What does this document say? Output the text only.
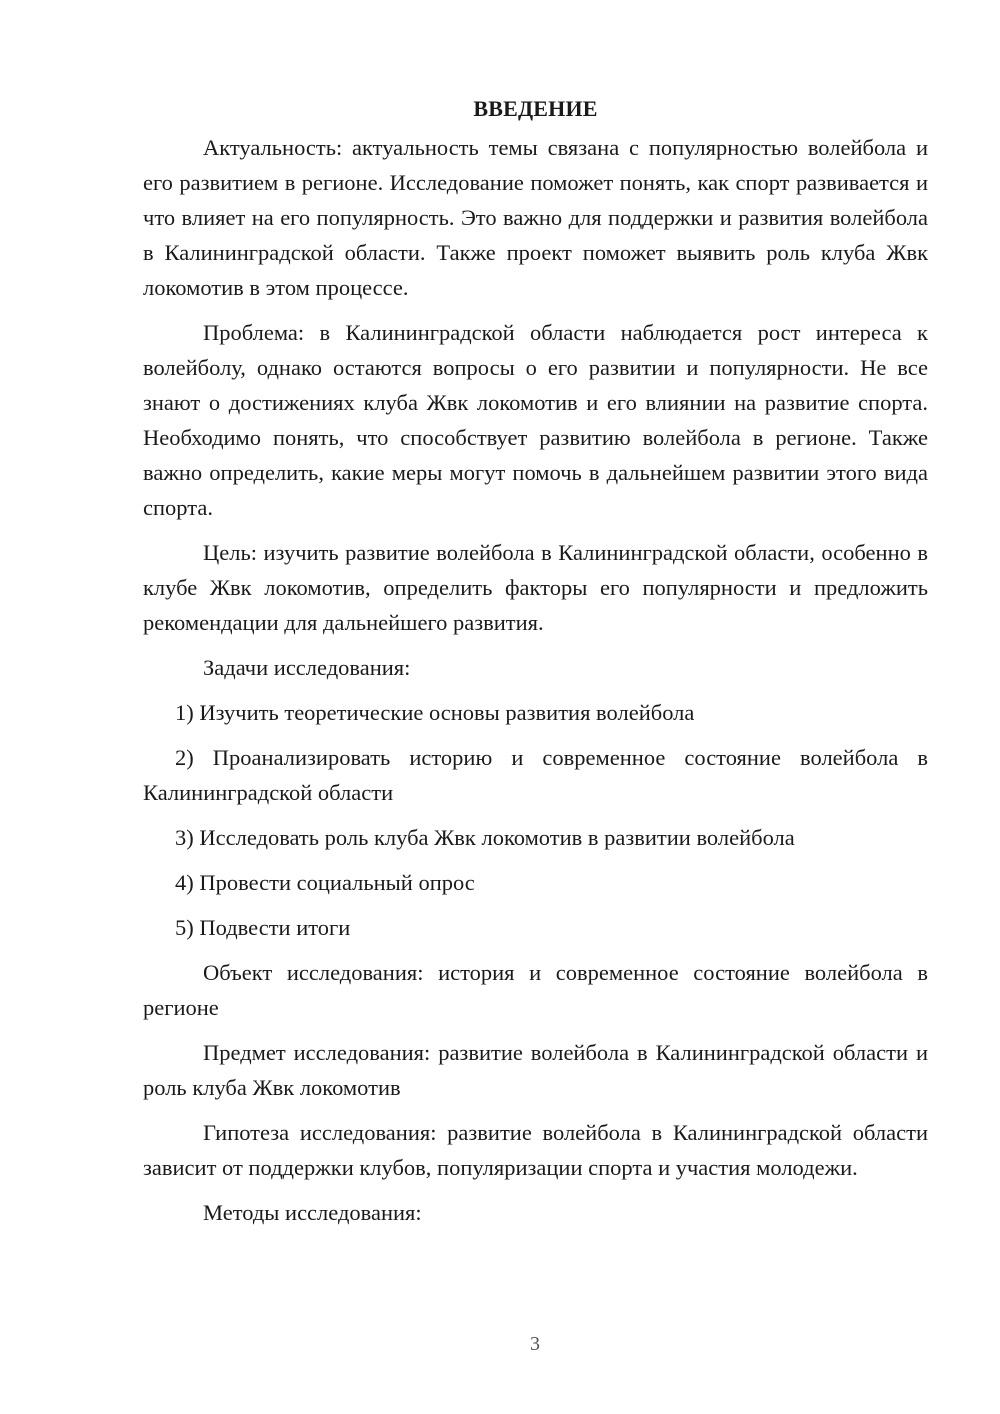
ВВЕДЕНИЕ

Актуальность: актуальность темы связана с популярностью волейбола и его развитием в регионе. Исследование поможет понять, как спорт развивается и что влияет на его популярность. Это важно для поддержки и развития волейбола в Калининградской области. Также проект поможет выявить роль клуба Жвк локомотив в этом процессе.

Проблема: в Калининградской области наблюдается рост интереса к волейболу, однако остаются вопросы о его развитии и популярности. Не все знают о достижениях клуба Жвк локомотив и его влиянии на развитие спорта. Необходимо понять, что способствует развитию волейбола в регионе. Также важно определить, какие меры могут помочь в дальнейшем развитии этого вида спорта.

Цель: изучить развитие волейбола в Калининградской области, особенно в клубе Жвк локомотив, определить факторы его популярности и предложить рекомендации для дальнейшего развития.

Задачи исследования:

1) Изучить теоретические основы развития волейбола

2) Проанализировать историю и современное состояние волейбола в Калининградской области

3) Исследовать роль клуба Жвк локомотив в развитии волейбола

4) Провести социальный опрос

5) Подвести итоги

Объект исследования: история и современное состояние волейбола в регионе

Предмет исследования: развитие волейбола в Калининградской области и роль клуба Жвк локомотив

Гипотеза исследования: развитие волейбола в Калининградской области зависит от поддержки клубов, популяризации спорта и участия молодежи.

Методы исследования:

3
